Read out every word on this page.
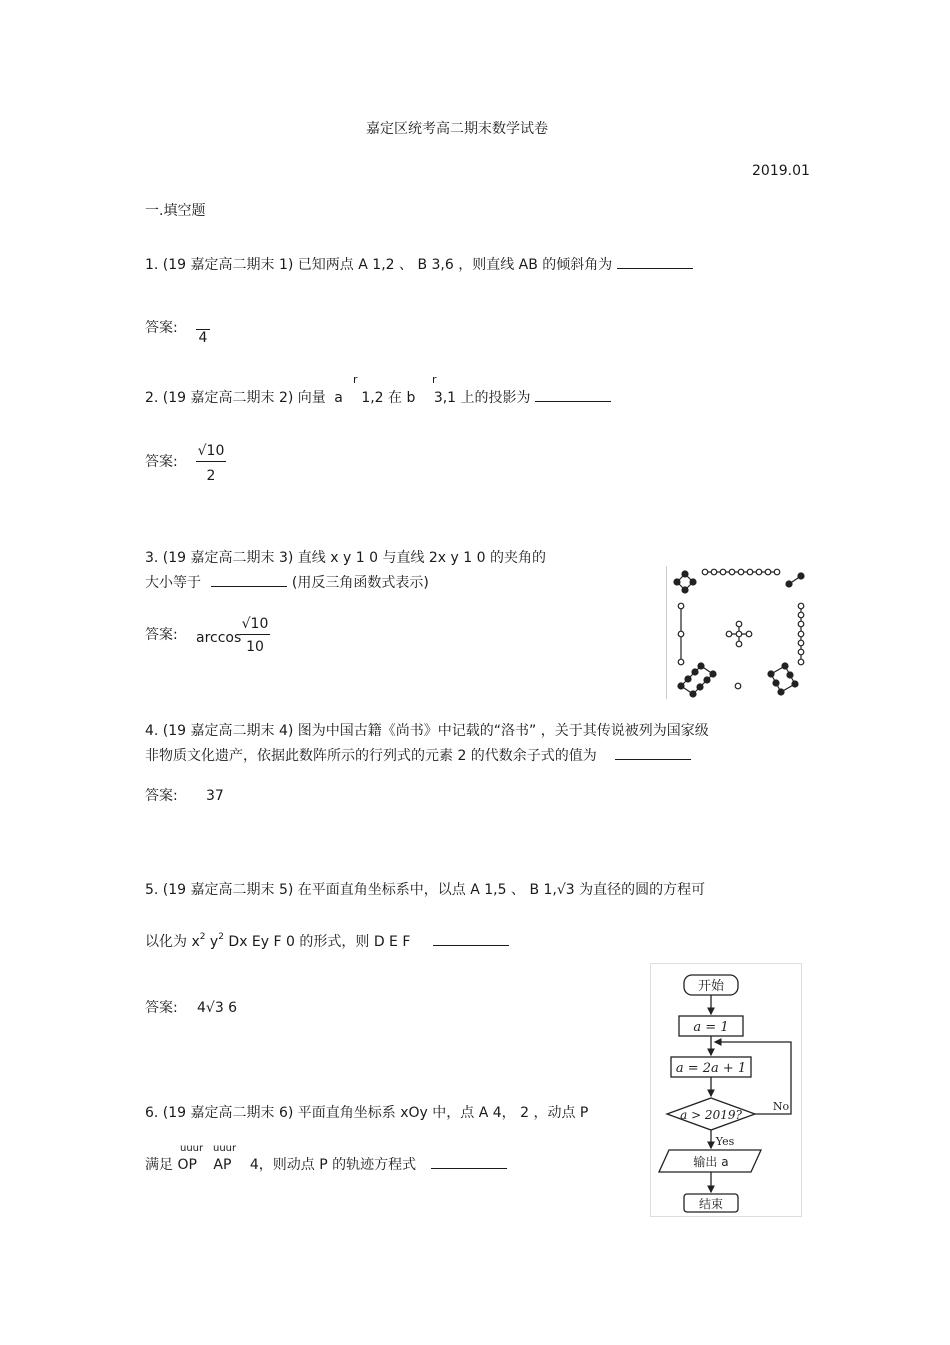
嘉定区统考高二期末数学试卷
2019.01
一.填空题
1. (19 嘉定高二期末 1) 已知两点 A 1,2 、 B 3,6 ，则直线 AB 的倾斜角为
答案:
4
r	r
2. (19 嘉定高二期末 2) 向量 a 1,2 在 b 3,1 上的投影为
答案:
√10
2
3. (19 嘉定高二期末 3) 直线 x y 1 0 与直线 2x y 1 0 的夹角的
大小等于	(用反三角函数式表示)
答案: arccos
√10
10
4. (19 嘉定高二期末 4) 图为中国古籍《尚书》中记载的“洛书” ，关于其传说被列为国家级
非物质文化遗产，依据此数阵所示的行列式的元素 2 的代数余子式的值为
答案: 37
5. (19 嘉定高二期末 5) 在平面直角坐标系中，以点 A 1,5 、 B 1,√3 为直径的圆的方程可
以化为 $x^2$ $y^2$ Dx Ey F 0 的形式，则 D E F
答案: 4√3 6
开始
a = 1
a = 2a + 1
a > 2019?
No
Yes
输出 a
结束
6. (19 嘉定高二期末 6) 平面直角坐标系 xOy 中，点 A 4， 2 ，动点 P
uuur uuur
满足 OP AP 4，则动点 P 的轨迹方程式
